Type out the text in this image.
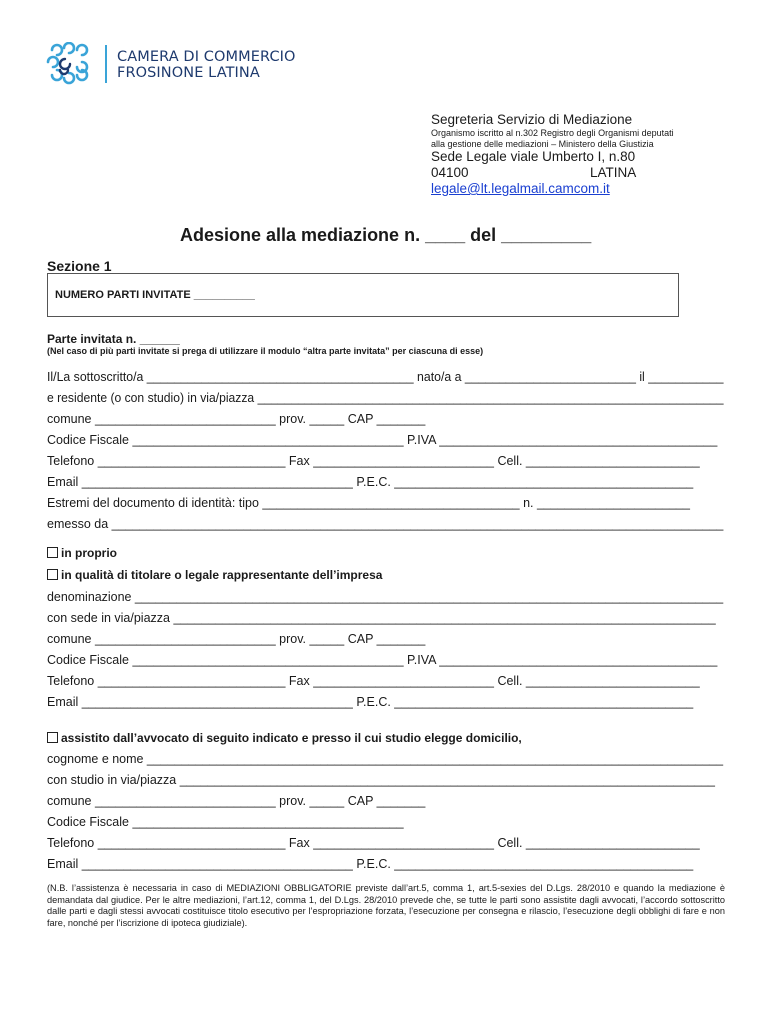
CAMERA DI COMMERCIO
FROSINONE LATINA
Segreteria Servizio di Mediazione
Organismo iscritto al n.302 Registro degli Organismi deputati
alla gestione delle mediazioni – Ministero della Giustizia
Sede Legale viale Umberto I, n.80
04100	LATINA
legale@lt.legalmail.camcom.it
Adesione alla mediazione n. ____ del _________
Sezione 1
NUMERO PARTI INVITATE __________
Parte invitata n. ______
(Nel caso di più parti invitate si prega di utilizzare il modulo “altra parte invitata” per ciascuna di esse)
Il/La sottoscritto/a _______________________________________ nato/a a _________________________ il ___________
e residente (o con studio) in via/piazza _____________________________________________________________________
comune __________________________ prov. _____ CAP _______
Codice Fiscale _______________________________________ P.IVA ________________________________________
Telefono ___________________________ Fax __________________________ Cell. _________________________
Email _______________________________________ P.E.C. ___________________________________________
Estremi del documento di identità: tipo _____________________________________ n. ______________________
emesso da ________________________________________________________________________________________
in proprio
in qualità di titolare o legale rappresentante dell’impresa
denominazione _____________________________________________________________________________________
con sede in via/piazza ______________________________________________________________________________
comune __________________________ prov. _____ CAP _______
Codice Fiscale _______________________________________ P.IVA ________________________________________
Telefono ___________________________ Fax __________________________ Cell. _________________________
Email _______________________________________ P.E.C. ___________________________________________
assistito dall’avvocato di seguito indicato e presso il cui studio elegge domicilio,
cognome e nome ___________________________________________________________________________________
con studio in via/piazza _____________________________________________________________________________
comune __________________________ prov. _____ CAP _______
Codice Fiscale _______________________________________
Telefono ___________________________ Fax __________________________ Cell. _________________________
Email _______________________________________ P.E.C. ___________________________________________
(N.B. l’assistenza è necessaria in caso di MEDIAZIONI OBBLIGATORIE previste dall’art.5, comma 1, art.5-sexies del D.Lgs. 28/2010 e quando la mediazione è demandata dal giudice. Per le altre mediazioni, l’art.12, comma 1, del D.Lgs. 28/2010 prevede che, se tutte le parti sono assistite dagli avvocati, l’accordo sottoscritto dalle parti e dagli stessi avvocati costituisce titolo esecutivo per l’espropriazione forzata, l’esecuzione per consegna e rilascio, l’esecuzione degli obblighi di fare e non fare, nonché per l’iscrizione di ipoteca giudiziale).
